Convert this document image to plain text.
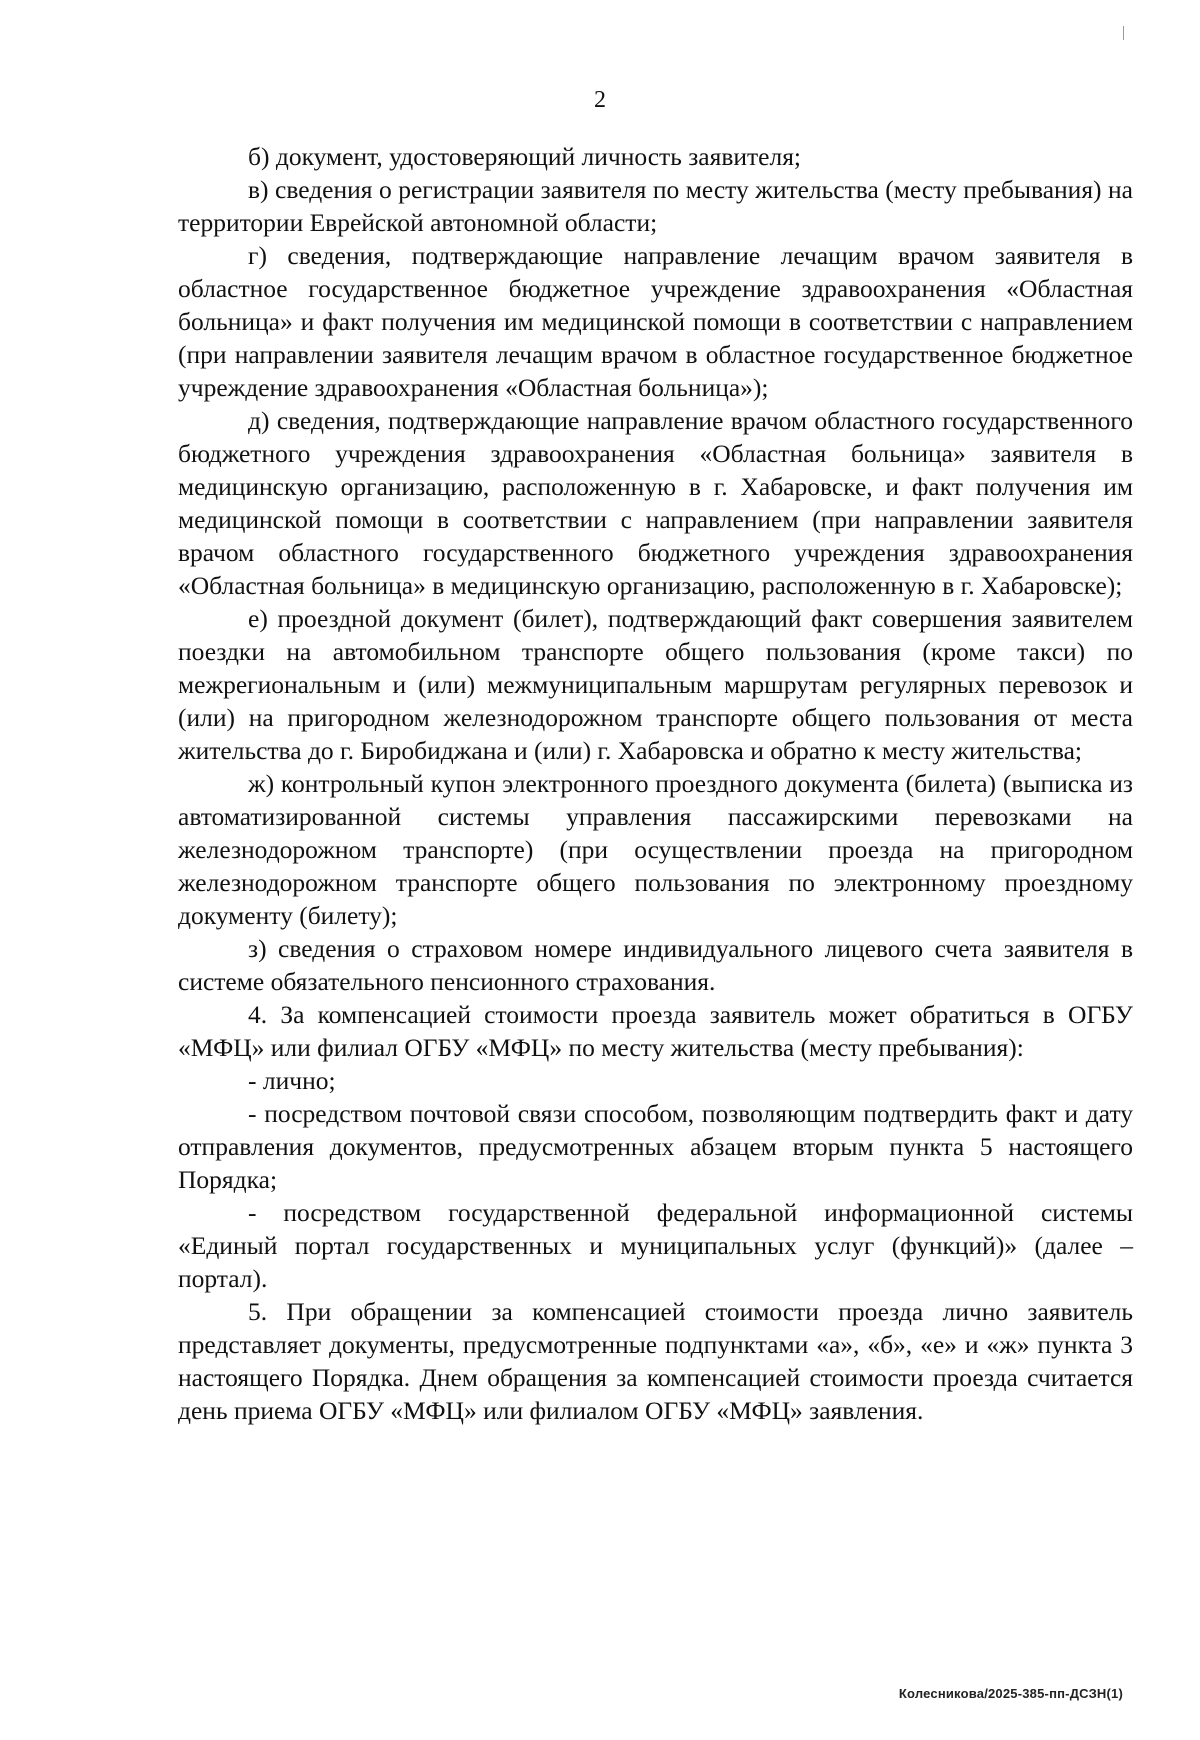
2

б) документ, удостоверяющий личность заявителя;

в) сведения о регистрации заявителя по месту жительства (месту пребывания) на территории Еврейской автономной области;

г) сведения, подтверждающие направление лечащим врачом заявителя в областное государственное бюджетное учреждение здравоохранения «Областная больница» и факт получения им медицинской помощи в соответствии с направлением (при направлении заявителя лечащим врачом в областное государственное бюджетное учреждение здравоохранения «Областная больница»);

д) сведения, подтверждающие направление врачом областного государственного бюджетного учреждения здравоохранения «Областная больница» заявителя в медицинскую организацию, расположенную в г. Хабаровске, и факт получения им медицинской помощи в соответствии с направлением (при направлении заявителя врачом областного государственного бюджетного учреждения здравоохранения «Областная больница» в медицинскую организацию, расположенную в г. Хабаровске);

е) проездной документ (билет), подтверждающий факт совершения заявителем поездки на автомобильном транспорте общего пользования (кроме такси) по межрегиональным и (или) межмуниципальным маршрутам регулярных перевозок и (или) на пригородном железнодорожном транспорте общего пользования от места жительства до г. Биробиджана и (или) г. Хабаровска и обратно к месту жительства;

ж) контрольный купон электронного проездного документа (билета) (выписка из автоматизированной системы управления пассажирскими перевозками на железнодорожном транспорте) (при осуществлении проезда на пригородном железнодорожном транспорте общего пользования по электронному проездному документу (билету);

з) сведения о страховом номере индивидуального лицевого счета заявителя в системе обязательного пенсионного страхования.

4. За компенсацией стоимости проезда заявитель может обратиться в ОГБУ «МФЦ» или филиал ОГБУ «МФЦ» по месту жительства (месту пребывания):

- лично;

- посредством почтовой связи способом, позволяющим подтвердить факт и дату отправления документов, предусмотренных абзацем вторым пункта 5 настоящего Порядка;

- посредством государственной федеральной информационной системы «Единый портал государственных и муниципальных услуг (функций)» (далее – портал).

5. При обращении за компенсацией стоимости проезда лично заявитель представляет документы, предусмотренные подпунктами «а», «б», «е» и «ж» пункта 3 настоящего Порядка. Днем обращения за компенсацией стоимости проезда считается день приема ОГБУ «МФЦ» или филиалом ОГБУ «МФЦ» заявления.

Колесникова/2025-385-пп-ДСЗН(1)
